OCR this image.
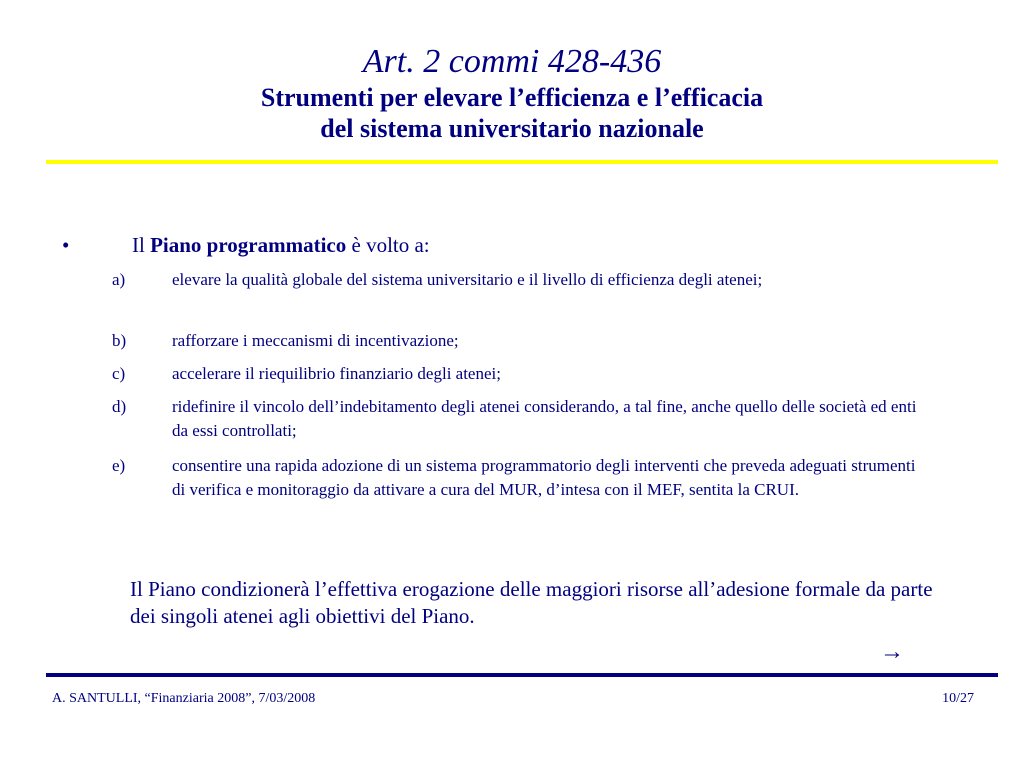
Art. 2 commi 428-436
Strumenti per elevare l’efficienza e l’efficacia
del sistema universitario nazionale
•	Il Piano programmatico è volto a:
a)	elevare la qualità globale del sistema universitario e il livello di efficienza degli atenei;
b)	rafforzare i meccanismi di incentivazione;
c)	accelerare il riequilibrio finanziario degli atenei;
d)	ridefinire il vincolo dell’indebitamento degli atenei considerando, a tal fine, anche quello delle società ed enti da essi controllati;
e)	consentire una rapida adozione di un sistema programmatorio degli interventi che preveda adeguati strumenti di verifica e monitoraggio da attivare a cura del MUR, d’intesa con il MEF, sentita la CRUI.
Il Piano condizionerà l’effettiva erogazione delle maggiori risorse all’adesione formale da parte dei singoli atenei agli obiettivi del Piano.
→
A. SANTULLI, “Finanziaria 2008”, 7/03/2008	10/27
